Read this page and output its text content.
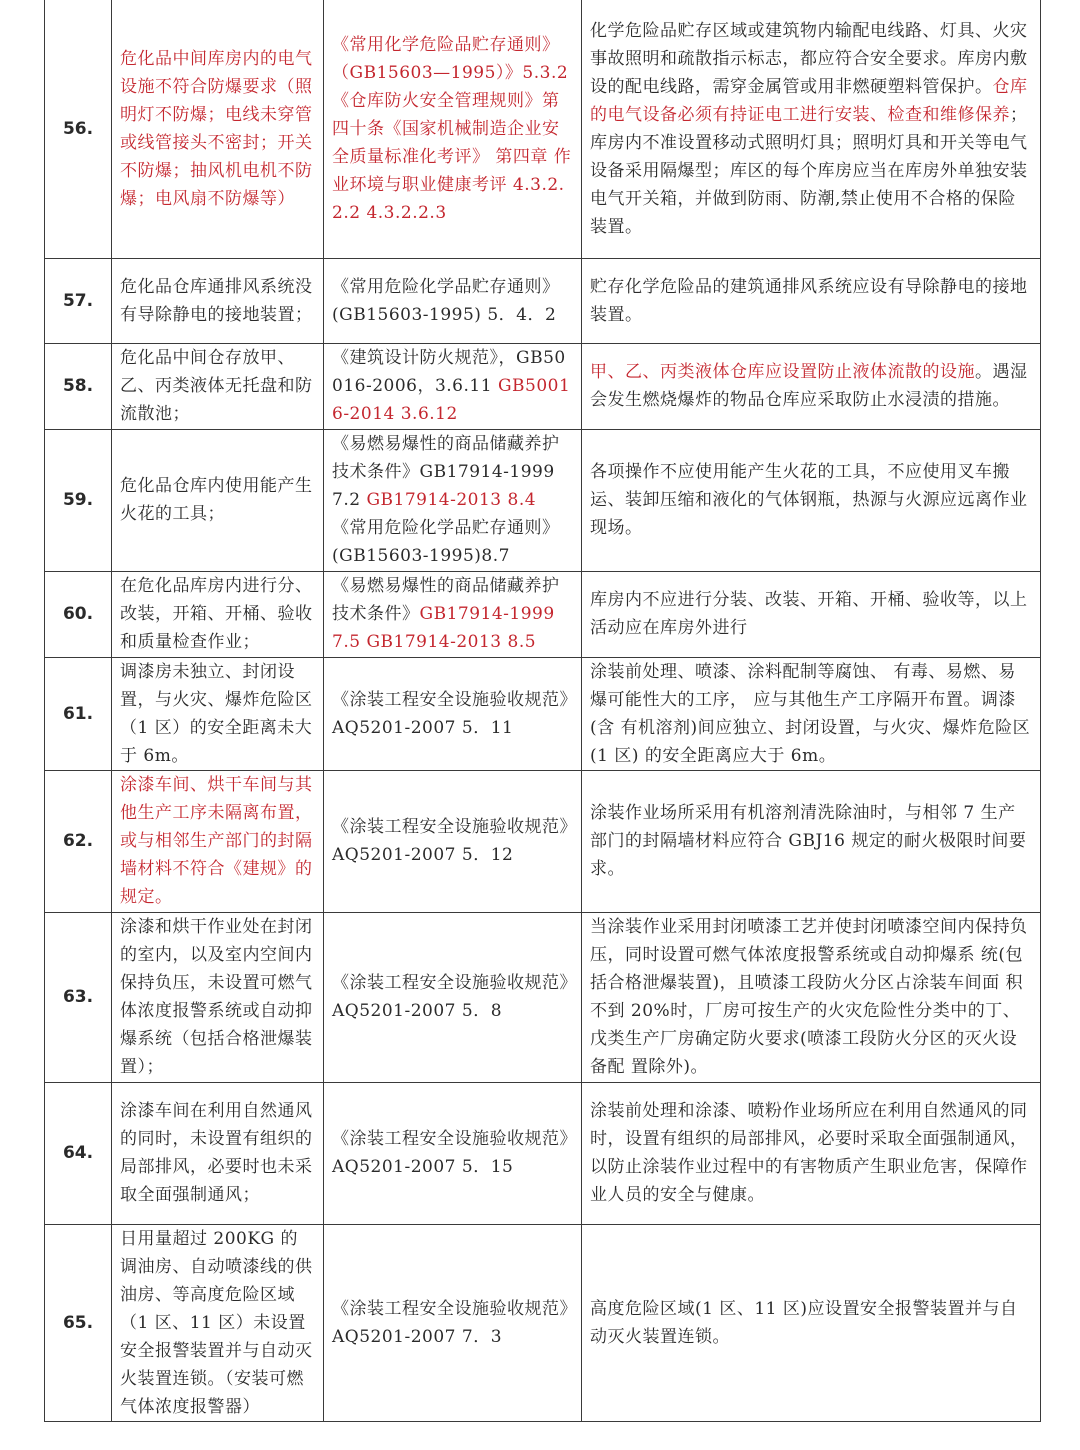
56.	危化品中间库房内的电气设施不符合防爆要求（照明灯不防爆；电线未穿管或线管接头不密封；开关不防爆；抽风机电机不防爆；电风扇不防爆等）	《常用化学危险品贮存通则》（GB15603—1995）》5.3.2《仓库防火安全管理规则》第四十条《国家机械制造企业安全质量标准化考评》 第四章 作业环境与职业健康考评 4.3.2.2.2 4.3.2.2.3	化学危险品贮存区域或建筑物内输配电线路、灯具、火灾事故照明和疏散指示标志，都应符合安全要求。库房内敷设的配电线路，需穿金属管或用非燃硬塑料管保护。仓库的电气设备必须有持证电工进行安装、检查和维修保养；库房内不准设置移动式照明灯具；照明灯具和开关等电气设备采用隔爆型；库区的每个库房应当在库房外单独安装电气开关箱，并做到防雨、防潮,禁止使用不合格的保险装置。
57.	危化品仓库通排风系统没有导除静电的接地装置；	《常用危险化学品贮存通则》(GB15603-1995) 5．4．2	贮存化学危险品的建筑通排风系统应设有导除静电的接地装置。
58.	危化品中间仓存放甲、乙、丙类液体无托盘和防流散池；	《建筑设计防火规范》，GB50016-2006，3.6.11 GB50016-2014 3.6.12	甲、乙、丙类液体仓库应设置防止液体流散的设施。遇湿会发生燃烧爆炸的物品仓库应采取防止水浸渍的措施。
59.	危化品仓库内使用能产生火花的工具；	《易燃易爆性的商品储藏养护技术条件》GB17914-1999 7.2 GB17914-2013 8.4 《常用危险化学品贮存通则》(GB15603-1995)8.7	各项操作不应使用能产生火花的工具，不应使用叉车搬运、装卸压缩和液化的气体钢瓶，热源与火源应远离作业现场。
60.	在危化品库房内进行分、改装，开箱、开桶、验收和质量检查作业；	《易燃易爆性的商品储藏养护技术条件》GB17914-1999 7.5 GB17914-2013 8.5	库房内不应进行分装、改装、开箱、开桶、验收等，以上活动应在库房外进行
61.	调漆房未独立、封闭设置，与火灾、爆炸危险区（1 区）的安全距离未大于 6m。	《涂装工程安全设施验收规范》AQ5201-2007 5．11	涂装前处理、喷漆、涂料配制等腐蚀、 有毒、易燃、易爆可能性大的工序， 应与其他生产工序隔开布置。调漆(含 有机溶剂)间应独立、封闭设置，与火灾、爆炸危险区(1 区) 的安全距离应大于 6m。
62.	涂漆车间、烘干车间与其他生产工序未隔离布置，或与相邻生产部门的封隔墙材料不符合《建规》的规定。	《涂装工程安全设施验收规范》AQ5201-2007 5．12	涂装作业场所采用有机溶剂清洗除油时，与相邻 7 生产部门的封隔墙材料应符合 GBJ16 规定的耐火极限时间要求。
63.	涂漆和烘干作业处在封闭的室内，以及室内空间内保持负压，未设置可燃气体浓度报警系统或自动抑爆系统（包括合格泄爆装置）；	《涂装工程安全设施验收规范》AQ5201-2007 5．8	当涂装作业采用封闭喷漆工艺并使封闭喷漆空间内保持负压，同时设置可燃气体浓度报警系统或自动抑爆系 统(包括合格泄爆装置)，且喷漆工段防火分区占涂装车间面 积不到 20%时，厂房可按生产的火灾危险性分类中的丁、戊类生产厂房确定防火要求(喷漆工段防火分区的灭火设备配 置除外)。
64.	涂漆车间在利用自然通风的同时，未设置有组织的局部排风，必要时也未采取全面强制通风；	《涂装工程安全设施验收规范》AQ5201-2007 5．15	涂装前处理和涂漆、喷粉作业场所应在利用自然通风的同时，设置有组织的局部排风，必要时采取全面强制通风，以防止涂装作业过程中的有害物质产生职业危害，保障作业人员的安全与健康。
65.	日用量超过 200KG 的调油房、自动喷漆线的供油房、等高度危险区域（1 区、11 区）未设置安全报警装置并与自动灭火装置连锁。（安装可燃气体浓度报警器）	《涂装工程安全设施验收规范》AQ5201-2007 7．3	高度危险区域(1 区、11 区)应设置安全报警装置并与自动灭火装置连锁。
